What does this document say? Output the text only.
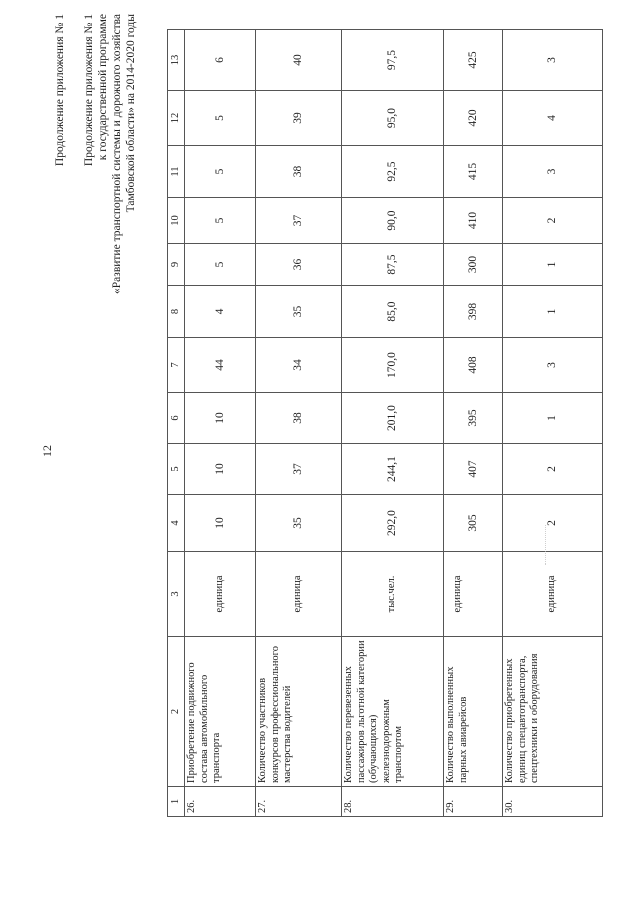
12
Продолжение приложения № 1 Продолжение приложения № 1 к государственной программе «Развитие транспортной системы и дорожного хозяйства Тамбовской области» на 2014-2020 годы
1	2	3	4	5	6	7	8	9	10	11	12	13
26.	Приобретение подвижного состава автомобильного транспорта	единица	10	10	10	44	4	5	5	5	5	6
27.	Количество участников конкурсов профессионального мастерства водителей	единица	35	37	38	34	35	36	37	38	39	40
28.	Количество перевезенных пассажиров льготной категории (обучающихся) железнодорожным транспортом	тыс.чел.	292,0	244,1	201,0	170,0	85,0	87,5	90,0	92,5	95,0	97,5
29.	Количество выполненных парных авиарейсов	единица	305	407	395	408	398	300	410	415	420	425
30.	Количество приобретенных единиц спецавтотранспорта, спецтехники и оборудования	единица	2	2	1	3	1	1	2	3	4	3
